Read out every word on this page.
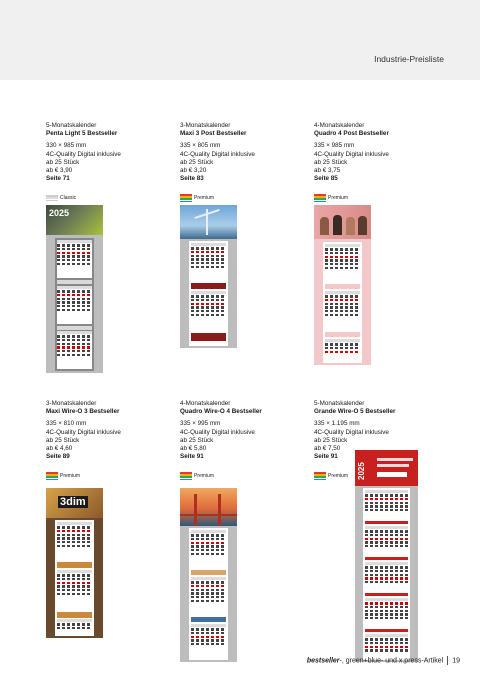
Industrie-Preisliste
5-Monatskalender
Penta Light 5 Bestseller
330 × 985 mm
4C-Quality Digital inklusive
ab 25 Stück
ab € 3,90
Seite 71
Classic
3-Monatskalender
Maxi 3 Post Bestseller
335 × 805 mm
4C-Quality Digital inklusive
ab 25 Stück
ab € 3,20
Seite 83
Premium
4-Monatskalender
Quadro 4 Post Bestseller
335 × 985 mm
4C-Quality Digital inklusive
ab 25 Stück
ab € 3,75
Seite 85
Premium
3-Monatskalender
Maxi Wire-O 3 Bestseller
335 × 810 mm
4C-Quality Digital inklusive
ab 25 Stück
ab € 4,60
Seite 89
Premium
4-Monatskalender
Quadro Wire-O 4 Bestseller
335 × 995 mm
4C-Quality Digital inklusive
ab 25 Stück
ab € 5,80
Seite 91
Premium
5-Monatskalender
Grande Wire-O 5 Bestseller
335 × 1.195 mm
4C-Quality Digital inklusive
ab 25 Stück
ab € 7,50
Seite 91
Premium
2025
3dim
2025
bestseller-, green+blue- und x.press-Artikel 19
